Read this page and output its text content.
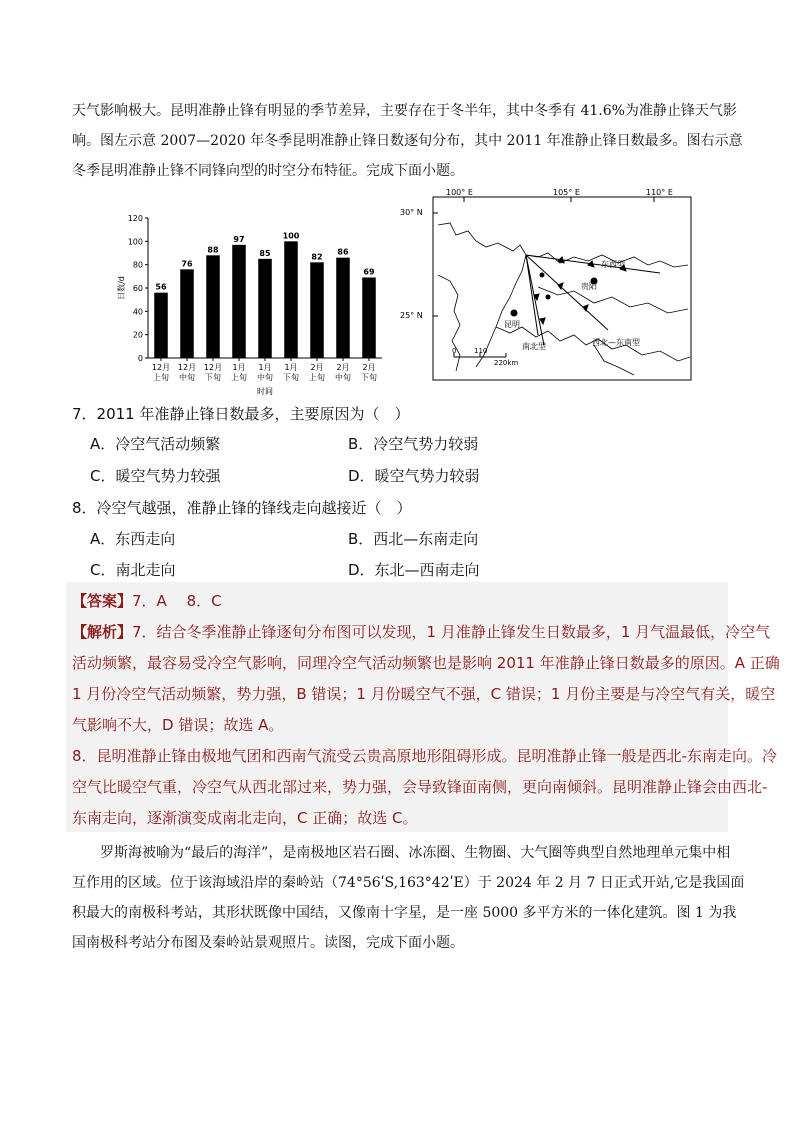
天气影响极大。昆明准静止锋有明显的季节差异，主要存在于冬半年，其中冬季有 41.6%为准静止锋天气影
响。图左示意 2007—2020 年冬季昆明准静止锋日数逐旬分布，其中 2011 年准静止锋日数最多。图右示意
冬季昆明准静止锋不同锋向型的时空分布特征。完成下面小题。
0
20
40
60
80
100
120
日数/d	56
12月
上旬
76
12月
中旬
88
12月
下旬
97
1月
上旬
85
1月
中旬
100
1月
下旬
82
2月
上旬
86
2月
中旬
69
2月
下旬
时间
100° E	105° E	110° E
30° N
25° N
贵阳
昆明
东西型
西北—东南型
南北型
0	110
220km
7．2011 年准静止锋日数最多，主要原因为（　）
A．冷空气活动频繁	B．冷空气势力较弱
C．暖空气势力较强	D．暖空气势力较弱
8．冷空气越强，准静止锋的锋线走向越接近（　）
A．东西走向	B．西北—东南走向
C．南北走向	D．东北—西南走向
【答案】7．A　 8．C
【解析】7．结合冬季准静止锋逐旬分布图可以发现，1 月准静止锋发生日数最多，1 月气温最低，冷空气
活动频繁，最容易受冷空气影响，同理冷空气活动频繁也是影响 2011 年准静止锋日数最多的原因。A 正确
1 月份冷空气活动频繁，势力强，B 错误；1 月份暖空气不强，C 错误；1 月份主要是与冷空气有关，暖空
气影响不大，D 错误；故选 A。
8．昆明准静止锋由极地气团和西南气流受云贵高原地形阻碍形成。昆明准静止锋一般是西北-东南走向。冷
空气比暖空气重，冷空气从西北部过来，势力强，会导致锋面南侧，更向南倾斜。昆明准静止锋会由西北-
东南走向，逐渐演变成南北走向，C 正确；故选 C。
罗斯海被喻为“最后的海洋”，是南极地区岩石圈、冰冻圈、生物圈、大气圈等典型自然地理单元集中相
互作用的区域。位于该海域沿岸的秦岭站（74°56ʹS,163°42ʹE）于 2024 年 2 月 7 日正式开站,它是我国面
积最大的南极科考站，其形状既像中国结，又像南十字星，是一座 5000 多平方米的一体化建筑。图 1 为我
国南极科考站分布图及秦岭站景观照片。读图，完成下面小题。
